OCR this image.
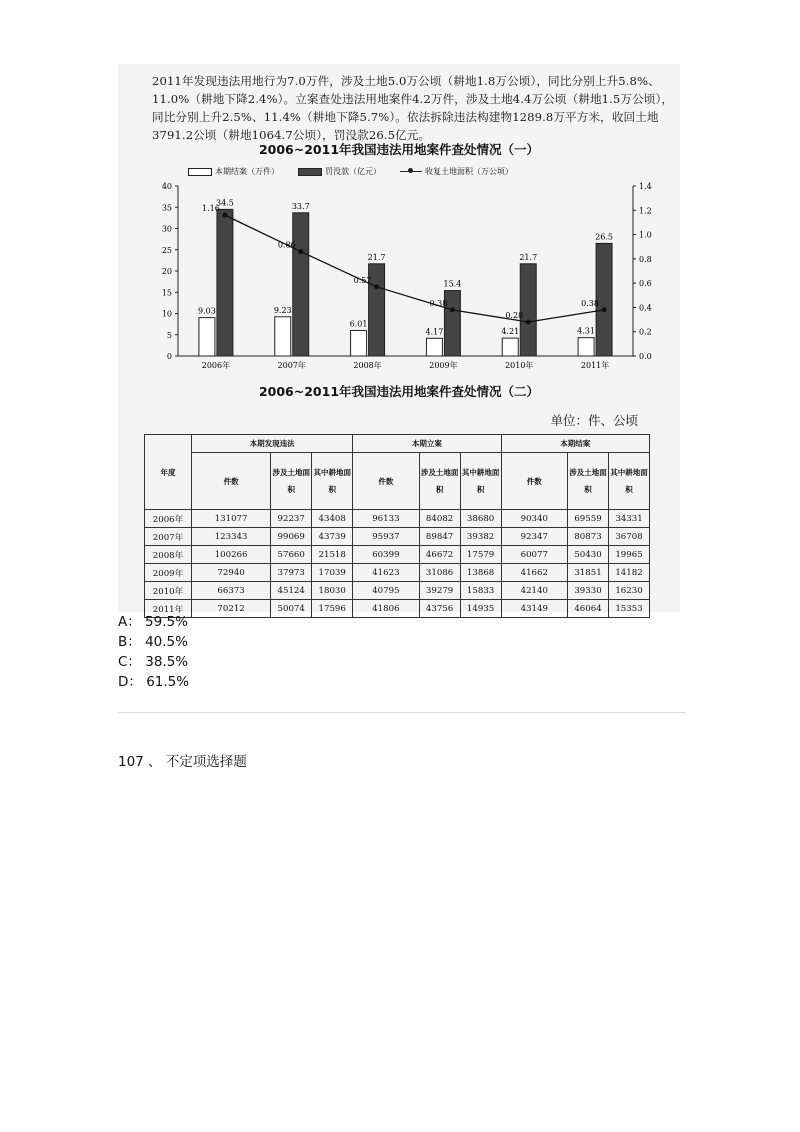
2011年发现违法用地行为7.0万件，涉及土地5.0万公顷（耕地1.8万公顷），同比分别上升5.8%、11.0%（耕地下降2.4%）。立案查处违法用地案件4.2万件，涉及土地4.4万公顷（耕地1.5万公顷），同比分别上升2.5%、11.4%（耕地下降5.7%）。依法拆除违法构建物1289.8万平方米，收回土地3791.2公顷（耕地1064.7公顷），罚没款26.5亿元。
2006~2011年我国违法用地案件查处情况（一）
本期结案（万件）	罚没款（亿元）	收复土地面积（万公顷）
0
5
10
15
20
25
30
35
40
0.0
0.2
0.4
0.6
0.8
1.0
1.2
1.4
9.03
34.5
2006年
9.23
33.7
2007年
6.01
21.7
2008年
4.17
15.4
2009年
4.21
21.7
2010年
4.31
26.5
2011年
1.16
0.86
0.57
0.38
0.28
0.38
2006~2011年我国违法用地案件查处情况（二）
单位：件、公顷
年度	本期发现违法			本期立案			本期结案		
	件数	涉及土地面积	其中耕地面积	件数	涉及土地面积	其中耕地面积	件数	涉及土地面积	其中耕地面积
2006年	131077	92237	43408	96133	84082	38680	90340	69559	34331
2007年	123343	99069	43739	95937	89847	39382	92347	80873	36708
2008年	100266	57660	21518	60399	46672	17579	60077	50430	19965
2009年	72940	37973	17039	41623	31086	13868	41662	31851	14182
2010年	66373	45124	18030	40795	39279	15833	42140	39330	16230
2011年	70212	50074	17596	41806	43756	14935	43149	46064	15353
A： 59.5%
B： 40.5%
C： 38.5%
D： 61.5%
107 、 不定项选择题
